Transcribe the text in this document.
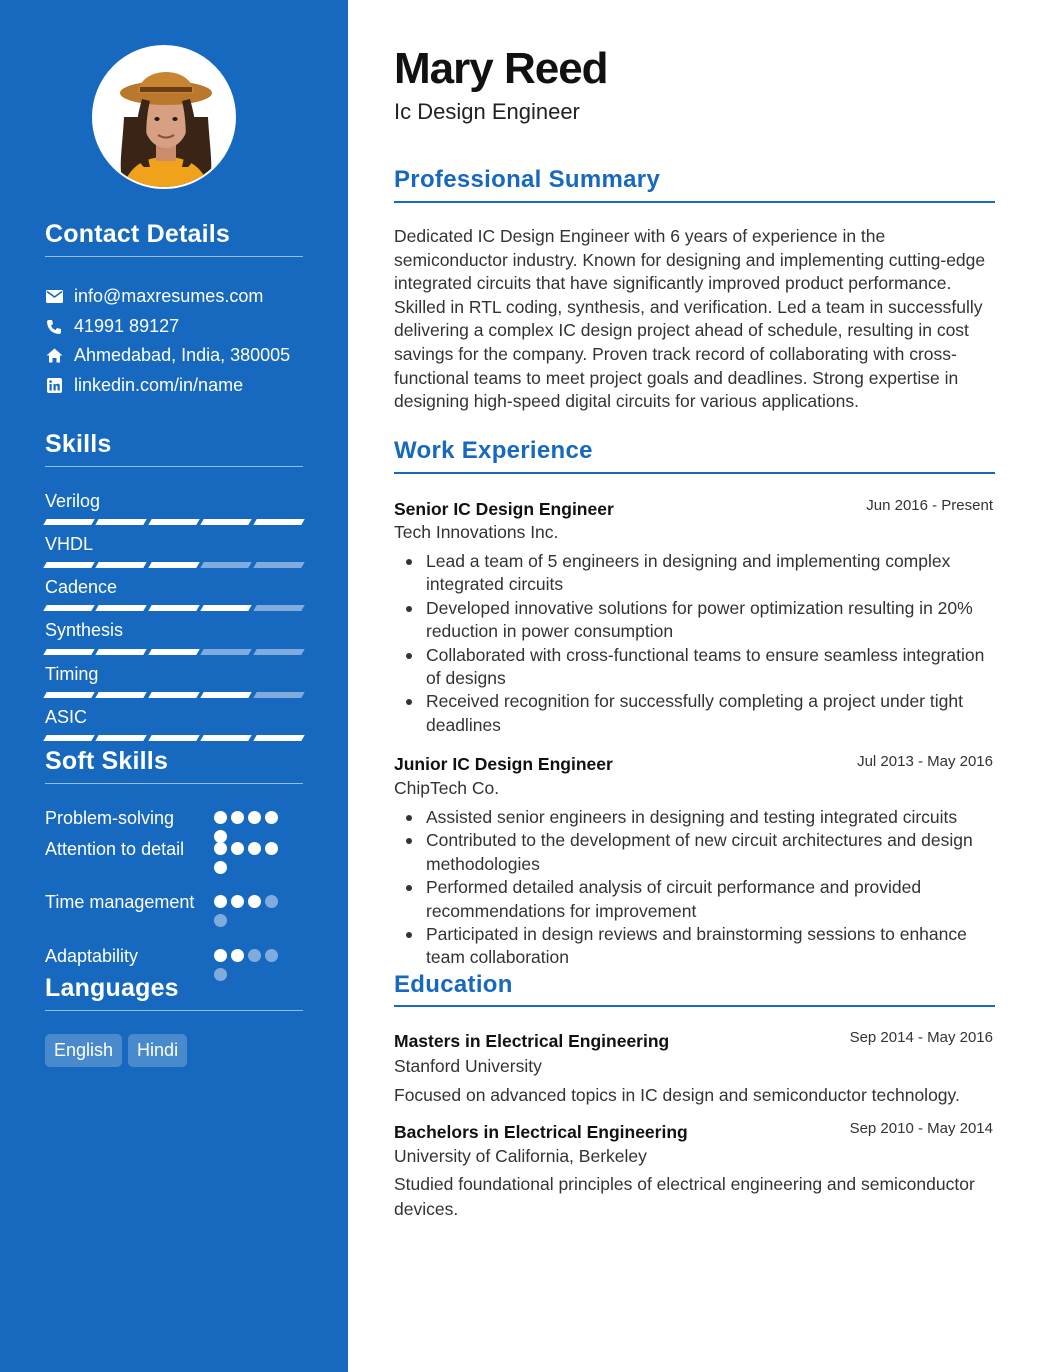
Contact Details
info@maxresumes.com
41991 89127
Ahmedabad, India, 380005
linkedin.com/in/name
Skills
Verilog
VHDL
Cadence
Synthesis
Timing
ASIC
Soft Skills
Problem-solving
Attention to detail
Time management
Adaptability
Languages
English	Hindi
Mary Reed
Ic Design Engineer
Professional Summary
Dedicated IC Design Engineer with 6 years of experience in the semiconductor industry. Known for designing and implementing cutting-edge integrated circuits that have significantly improved product performance. Skilled in RTL coding, synthesis, and verification. Led a team in successfully delivering a complex IC design project ahead of schedule, resulting in cost savings for the company. Proven track record of collaborating with cross-functional teams to meet project goals and deadlines. Strong expertise in designing high-speed digital circuits for various applications.
Work Experience
Senior IC Design Engineer	Jun 2016 - Present
Tech Innovations Inc.
Lead a team of 5 engineers in designing and implementing complex integrated circuits
Developed innovative solutions for power optimization resulting in 20% reduction in power consumption
Collaborated with cross-functional teams to ensure seamless integration of designs
Received recognition for successfully completing a project under tight deadlines
Junior IC Design Engineer	Jul 2013 - May 2016
ChipTech Co.
Assisted senior engineers in designing and testing integrated circuits
Contributed to the development of new circuit architectures and design methodologies
Performed detailed analysis of circuit performance and provided recommendations for improvement
Participated in design reviews and brainstorming sessions to enhance team collaboration
Education
Masters in Electrical Engineering	Sep 2014 - May 2016
Stanford University
Focused on advanced topics in IC design and semiconductor technology.
Bachelors in Electrical Engineering	Sep 2010 - May 2014
University of California, Berkeley
Studied foundational principles of electrical engineering and semiconductor devices.
